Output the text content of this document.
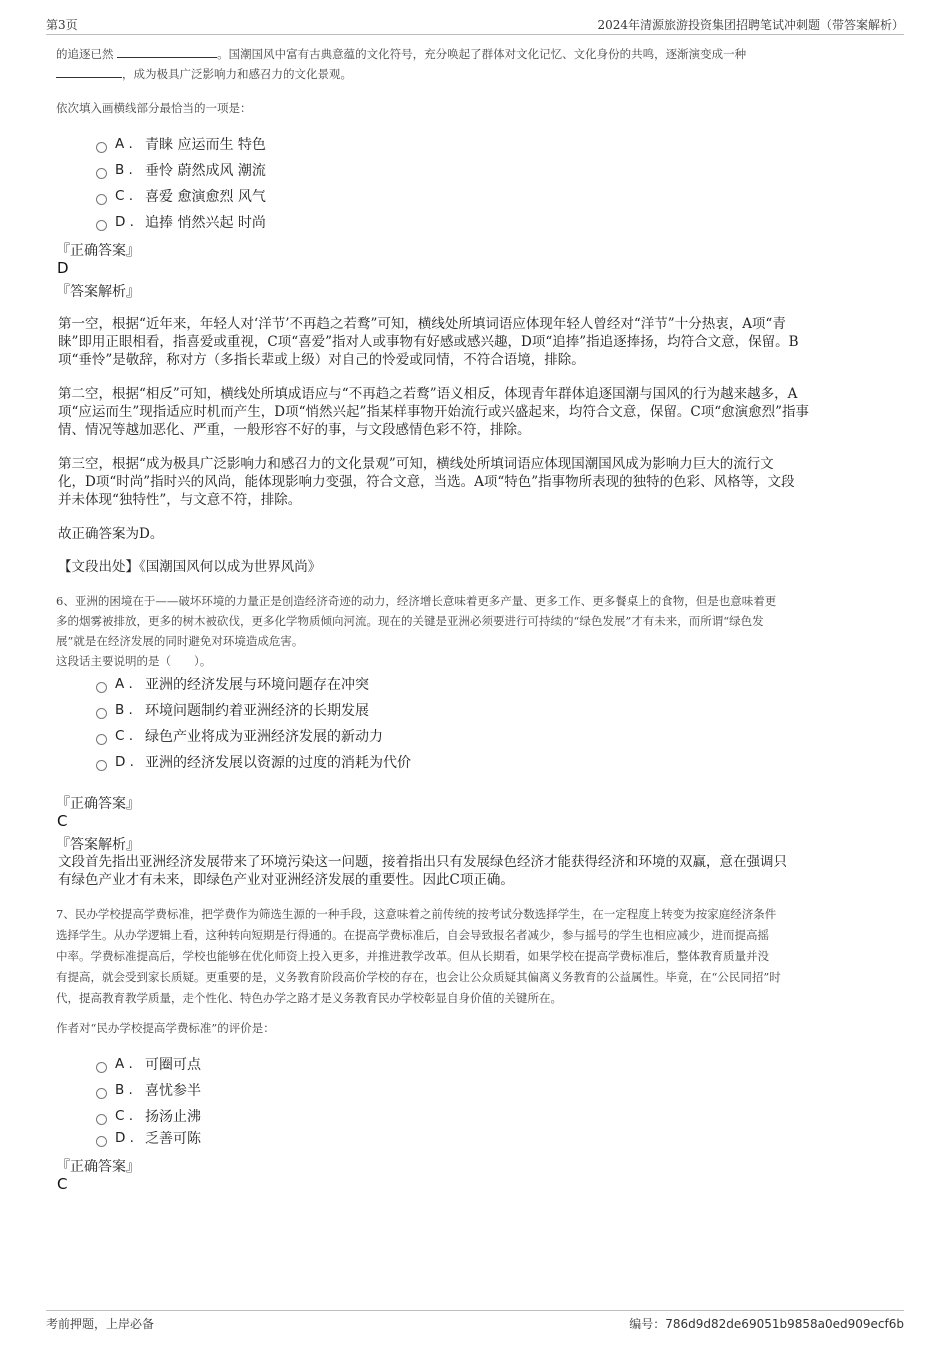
第3页	2024年清源旅游投资集团招聘笔试冲刺题（带答案解析）
的追逐已然	。国潮国风中富有古典意蕴的文化符号，充分唤起了群体对文化记忆、文化身份的共鸣，逐渐演变成一种
，成为极具广泛影响力和感召力的文化景观。
依次填入画横线部分最恰当的一项是：
A . 青睐 应运而生 特色
B . 垂怜 蔚然成风 潮流
C . 喜爱 愈演愈烈 风气
D . 追捧 悄然兴起 时尚
『正确答案』
D
『答案解析』
第一空，根据“近年来，年轻人对‘洋节’不再趋之若鹜”可知，横线处所填词语应体现年轻人曾经对“洋节”十分热衷，A项“青
睐”即用正眼相看，指喜爱或重视，C项“喜爱”指对人或事物有好感或感兴趣，D项“追捧”指追逐捧扬，均符合文意，保留。B
项“垂怜”是敬辞，称对方（多指长辈或上级）对自己的怜爱或同情，不符合语境，排除。
第二空，根据“相反”可知，横线处所填成语应与“不再趋之若鹜”语义相反，体现青年群体追逐国潮与国风的行为越来越多，A
项“应运而生”现指适应时机而产生，D项“悄然兴起”指某样事物开始流行或兴盛起来，均符合文意，保留。C项“愈演愈烈”指事
情、情况等越加恶化、严重，一般形容不好的事，与文段感情色彩不符，排除。
第三空，根据“成为极具广泛影响力和感召力的文化景观”可知，横线处所填词语应体现国潮国风成为影响力巨大的流行文
化，D项“时尚”指时兴的风尚，能体现影响力变强，符合文意，当选。A项“特色”指事物所表现的独特的色彩、风格等，文段
并未体现“独特性”，与文意不符，排除。
故正确答案为D。
【文段出处】《国潮国风何以成为世界风尚》
6、亚洲的困境在于——破坏环境的力量正是创造经济奇迹的动力，经济增长意味着更多产量、更多工作、更多餐桌上的食物，但是也意味着更
多的烟雾被排放，更多的树木被砍伐，更多化学物质倾向河流。现在的关键是亚洲必须要进行可持续的“绿色发展”才有未来，而所谓“绿色发
展”就是在经济发展的同时避免对环境造成危害。
这段话主要说明的是（　　）。
A . 亚洲的经济发展与环境问题存在冲突
B . 环境问题制约着亚洲经济的长期发展
C . 绿色产业将成为亚洲经济发展的新动力
D . 亚洲的经济发展以资源的过度的消耗为代价
『正确答案』
C
『答案解析』
文段首先指出亚洲经济发展带来了环境污染这一问题，接着指出只有发展绿色经济才能获得经济和环境的双赢，意在强调只
有绿色产业才有未来，即绿色产业对亚洲经济发展的重要性。因此C项正确。
7、民办学校提高学费标准，把学费作为筛选生源的一种手段，这意味着之前传统的按考试分数选择学生，在一定程度上转变为按家庭经济条件
选择学生。从办学逻辑上看，这种转向短期是行得通的。在提高学费标准后，自会导致报名者减少，参与摇号的学生也相应减少，进而提高摇
中率。学费标准提高后，学校也能够在优化师资上投入更多，并推进教学改革。但从长期看，如果学校在提高学费标准后，整体教育质量并没
有提高，就会受到家长质疑。更重要的是，义务教育阶段高价学校的存在，也会让公众质疑其偏离义务教育的公益属性。毕竟，在“公民同招”时
代，提高教育教学质量，走个性化、特色办学之路才是义务教育民办学校彰显自身价值的关键所在。
作者对“民办学校提高学费标准”的评价是：
A . 可圈可点
B . 喜忧参半
C . 扬汤止沸
D . 乏善可陈
『正确答案』
C
考前押题，上岸必备	编号：786d9d82de69051b9858a0ed909ecf6b
